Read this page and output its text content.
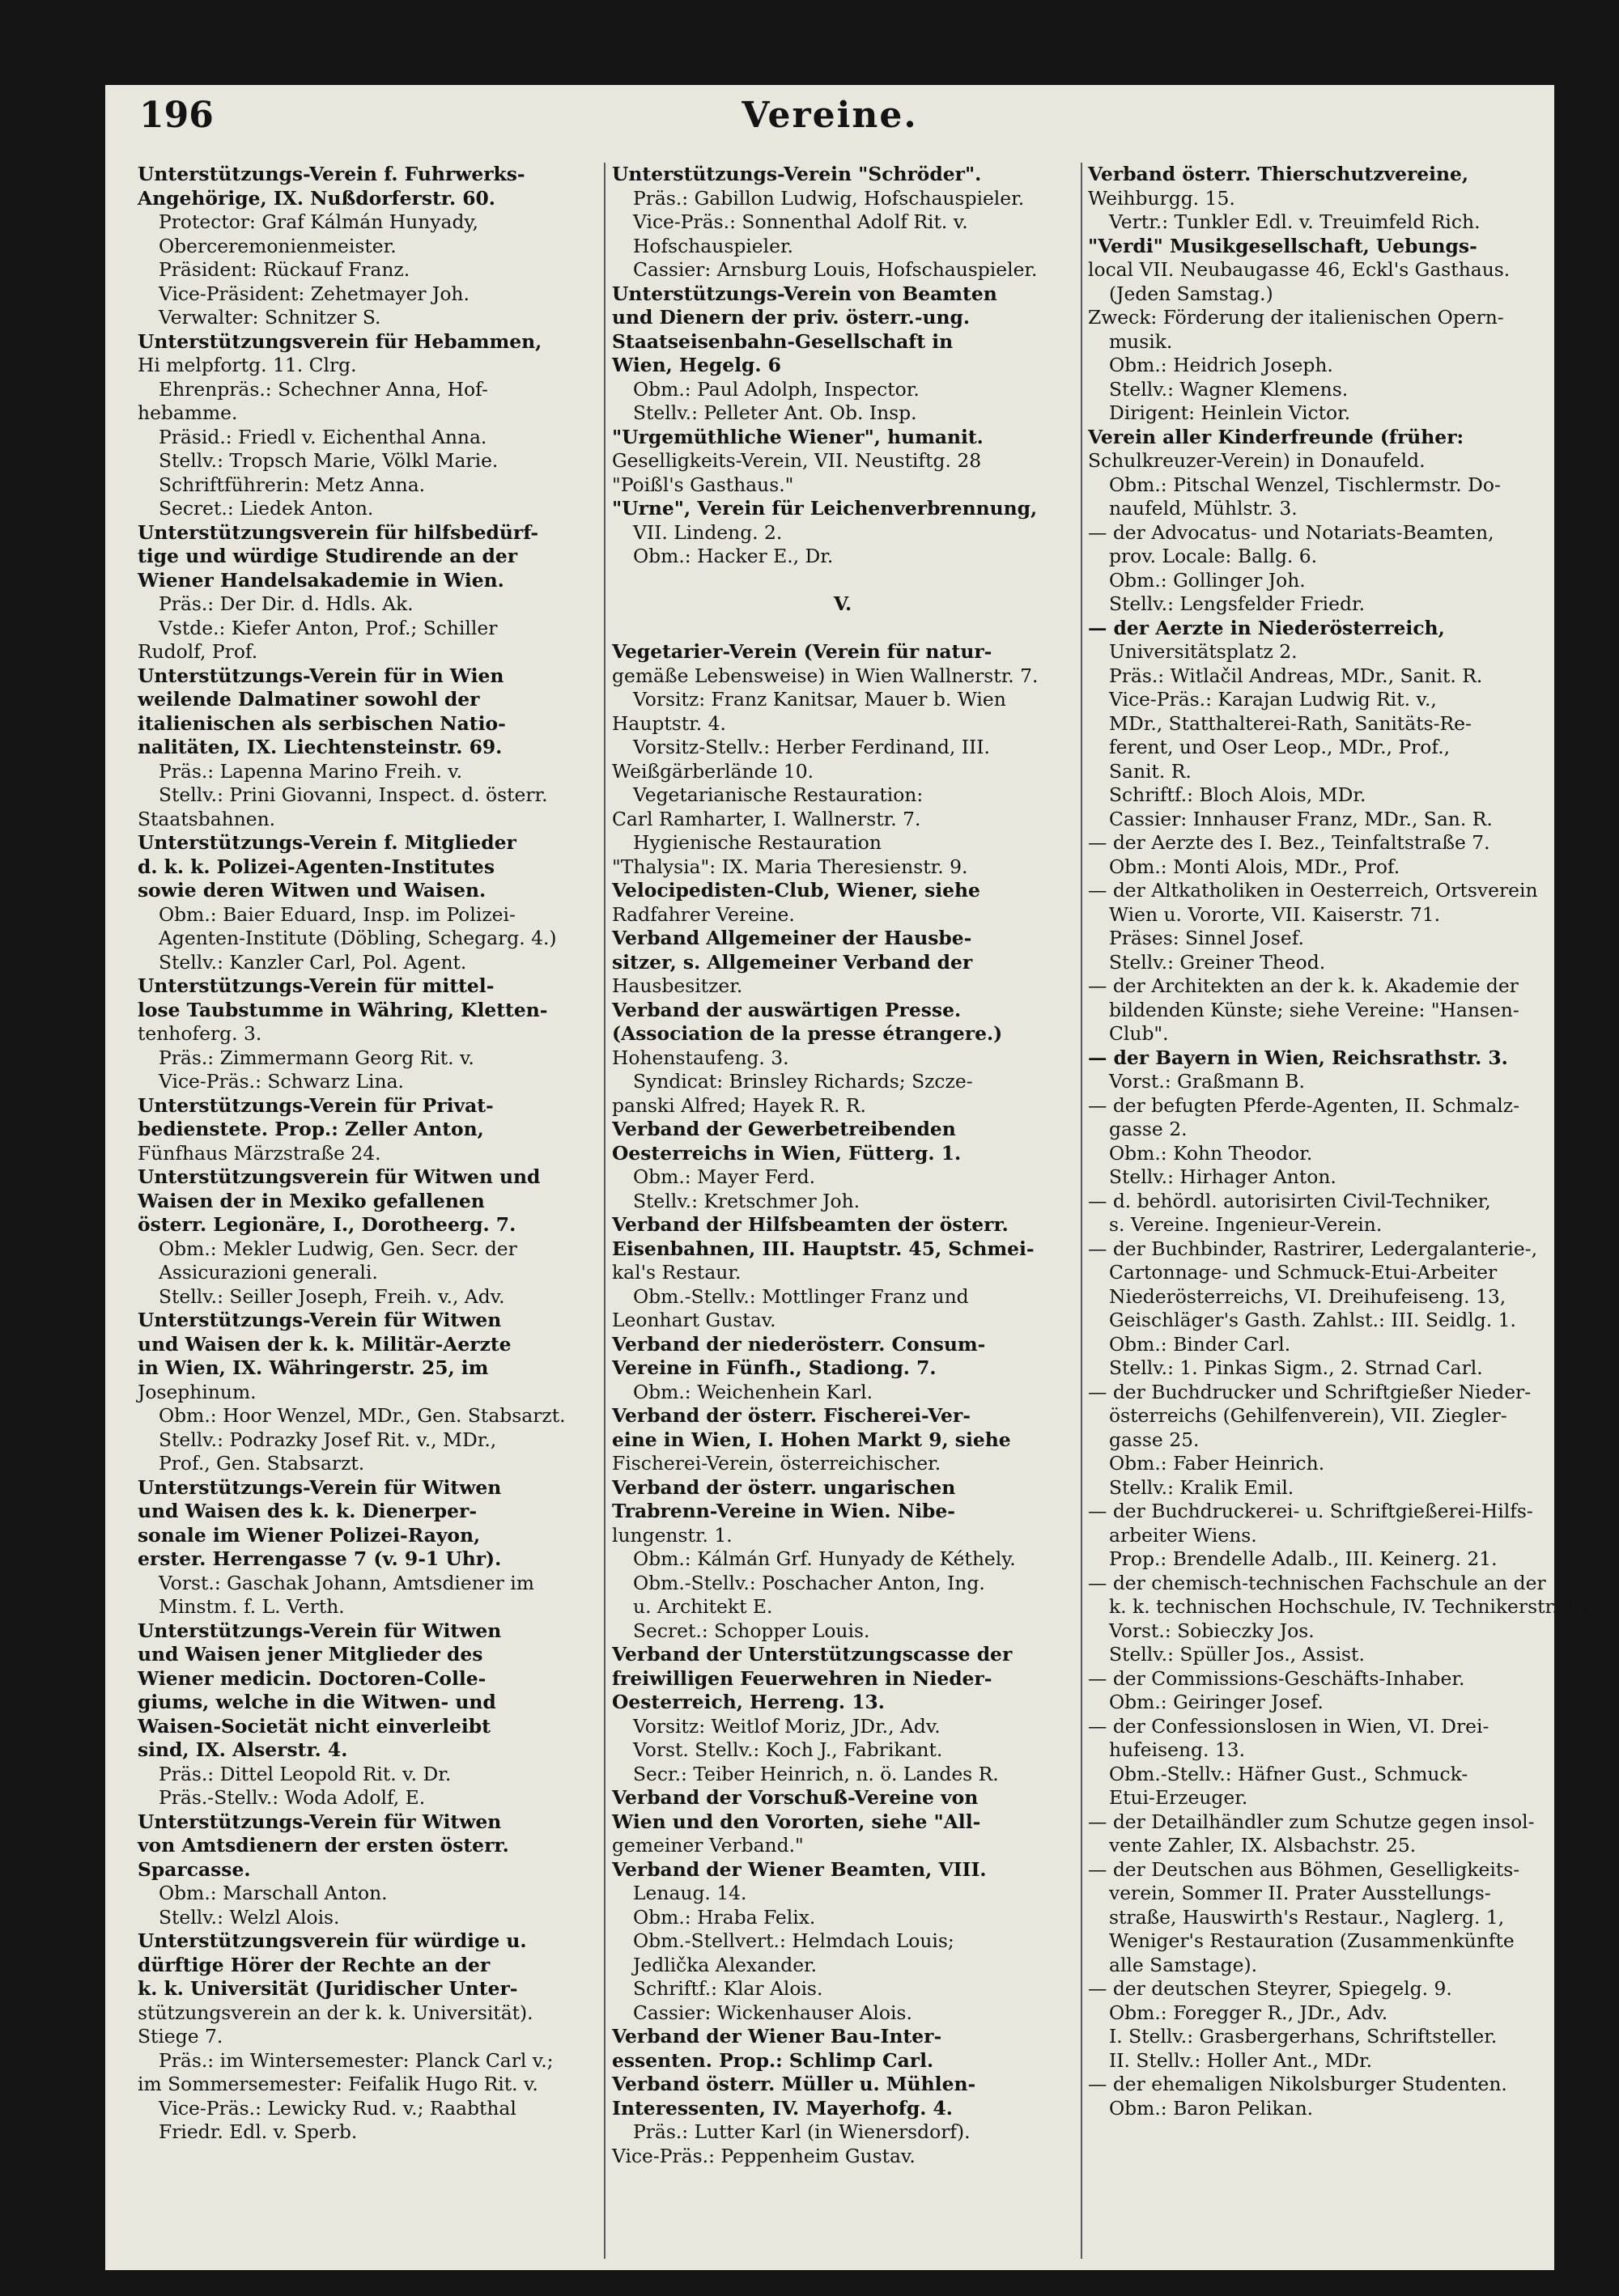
196	Vereine.
Unterstützungs-Verein f. Fuhrwerks-
Angehörige, IX. Nußdorferstr. 60.
Protector: Graf Kálmán Hunyady,
Oberceremonienmeister.
Präsident: Rückauf Franz.
Vice-Präsident: Zehetmayer Joh.
Verwalter: Schnitzer S.
Unterstützungsverein für Hebammen,
Hi melpfortg. 11. Clrg.
Ehrenpräs.: Schechner Anna, Hof-
hebamme.
Präsid.: Friedl v. Eichenthal Anna.
Stellv.: Tropsch Marie, Völkl Marie.
Schriftführerin: Metz Anna.
Secret.: Liedek Anton.
Unterstützungsverein für hilfsbedürf-
tige und würdige Studirende an der
Wiener Handelsakademie in Wien.
Präs.: Der Dir. d. Hdls. Ak.
Vstde.: Kiefer Anton, Prof.; Schiller
Rudolf, Prof.
Unterstützungs-Verein für in Wien
weilende Dalmatiner sowohl der
italienischen als serbischen Natio-
nalitäten, IX. Liechtensteinstr. 69.
Präs.: Lapenna Marino Freih. v.
Stellv.: Prini Giovanni, Inspect. d. österr.
Staatsbahnen.
Unterstützungs-Verein f. Mitglieder
d. k. k. Polizei-Agenten-Institutes
sowie deren Witwen und Waisen.
Obm.: Baier Eduard, Insp. im Polizei-
Agenten-Institute (Döbling, Schegarg. 4.)
Stellv.: Kanzler Carl, Pol. Agent.
Unterstützungs-Verein für mittel-
lose Taubstumme in Währing, Kletten-
tenhoferg. 3.
Präs.: Zimmermann Georg Rit. v.
Vice-Präs.: Schwarz Lina.
Unterstützungs-Verein für Privat-
bedienstete. Prop.: Zeller Anton,
Fünfhaus Märzstraße 24.
Unterstützungsverein für Witwen und
Waisen der in Mexiko gefallenen
österr. Legionäre, I., Dorotheerg. 7.
Obm.: Mekler Ludwig, Gen. Secr. der
Assicurazioni generali.
Stellv.: Seiller Joseph, Freih. v., Adv.
Unterstützungs-Verein für Witwen
und Waisen der k. k. Militär-Aerzte
in Wien, IX. Währingerstr. 25, im
Josephinum.
Obm.: Hoor Wenzel, MDr., Gen. Stabsarzt.
Stellv.: Podrazky Josef Rit. v., MDr.,
Prof., Gen. Stabsarzt.
Unterstützungs-Verein für Witwen
und Waisen des k. k. Dienerper-
sonale im Wiener Polizei-Rayon,
erster. Herrengasse 7 (v. 9-1 Uhr).
Vorst.: Gaschak Johann, Amtsdiener im
Minstm. f. L. Verth.
Unterstützungs-Verein für Witwen
und Waisen jener Mitglieder des
Wiener medicin. Doctoren-Colle-
giums, welche in die Witwen- und
Waisen-Societät nicht einverleibt
sind, IX. Alserstr. 4.
Präs.: Dittel Leopold Rit. v. Dr.
Präs.-Stellv.: Woda Adolf, E.
Unterstützungs-Verein für Witwen
von Amtsdienern der ersten österr.
Sparcasse.
Obm.: Marschall Anton.
Stellv.: Welzl Alois.
Unterstützungsverein für würdige u.
dürftige Hörer der Rechte an der
k. k. Universität (Juridischer Unter-
stützungsverein an der k. k. Universität).
Stiege 7.
Präs.: im Wintersemester: Planck Carl v.;
im Sommersemester: Feifalik Hugo Rit. v.
Vice-Präs.: Lewicky Rud. v.; Raabthal
Friedr. Edl. v. Sperb.
Unterstützungs-Verein "Schröder".
Präs.: Gabillon Ludwig, Hofschauspieler.
Vice-Präs.: Sonnenthal Adolf Rit. v.
Hofschauspieler.
Cassier: Arnsburg Louis, Hofschauspieler.
Unterstützungs-Verein von Beamten
und Dienern der priv. österr.-ung.
Staatseisenbahn-Gesellschaft in
Wien, Hegelg. 6
Obm.: Paul Adolph, Inspector.
Stellv.: Pelleter Ant. Ob. Insp.
"Urgemüthliche Wiener", humanit.
Geselligkeits-Verein, VII. Neustiftg. 28
"Poißl's Gasthaus."
"Urne", Verein für Leichenverbrennung,
VII. Lindeng. 2.
Obm.: Hacker E., Dr.

V.

Vegetarier-Verein (Verein für natur-
gemäße Lebensweise) in Wien Wallnerstr. 7.
Vorsitz: Franz Kanitsar, Mauer b. Wien
Hauptstr. 4.
Vorsitz-Stellv.: Herber Ferdinand, III.
Weißgärberlände 10.
Vegetarianische Restauration:
Carl Ramharter, I. Wallnerstr. 7.
Hygienische Restauration
"Thalysia": IX. Maria Theresienstr. 9.
Velocipedisten-Club, Wiener, siehe
Radfahrer Vereine.
Verband Allgemeiner der Hausbe-
sitzer, s. Allgemeiner Verband der
Hausbesitzer.
Verband der auswärtigen Presse.
(Association de la presse étrangere.)
Hohenstaufeng. 3.
Syndicat: Brinsley Richards; Szcze-
panski Alfred; Hayek R. R.
Verband der Gewerbetreibenden
Oesterreichs in Wien, Fütterg. 1.
Obm.: Mayer Ferd.
Stellv.: Kretschmer Joh.
Verband der Hilfsbeamten der österr.
Eisenbahnen, III. Hauptstr. 45, Schmei-
kal's Restaur.
Obm.-Stellv.: Mottlinger Franz und
Leonhart Gustav.
Verband der niederösterr. Consum-
Vereine in Fünfh., Stadiong. 7.
Obm.: Weichenhein Karl.
Verband der österr. Fischerei-Ver-
eine in Wien, I. Hohen Markt 9, siehe
Fischerei-Verein, österreichischer.
Verband der österr. ungarischen
Trabrenn-Vereine in Wien. Nibe-
lungenstr. 1.
Obm.: Kálmán Grf. Hunyady de Kéthely.
Obm.-Stellv.: Poschacher Anton, Ing.
u. Architekt E.
Secret.: Schopper Louis.
Verband der Unterstützungscasse der
freiwilligen Feuerwehren in Nieder-
Oesterreich, Herreng. 13.
Vorsitz: Weitlof Moriz, JDr., Adv.
Vorst. Stellv.: Koch J., Fabrikant.
Secr.: Teiber Heinrich, n. ö. Landes R.
Verband der Vorschuß-Vereine von
Wien und den Vororten, siehe "All-
gemeiner Verband."
Verband der Wiener Beamten, VIII.
Lenaug. 14.
Obm.: Hraba Felix.
Obm.-Stellvert.: Helmdach Louis;
Jedlička Alexander.
Schriftf.: Klar Alois.
Cassier: Wickenhauser Alois.
Verband der Wiener Bau-Inter-
essenten. Prop.: Schlimp Carl.
Verband österr. Müller u. Mühlen-
Interessenten, IV. Mayerhofg. 4.
Präs.: Lutter Karl (in Wienersdorf).
Vice-Präs.: Peppenheim Gustav.
Verband österr. Thierschutzvereine,
Weihburgg. 15.
Vertr.: Tunkler Edl. v. Treuimfeld Rich.
"Verdi" Musikgesellschaft, Uebungs-
local VII. Neubaugasse 46, Eckl's Gasthaus.
(Jeden Samstag.)
Zweck: Förderung der italienischen Opern-
musik.
Obm.: Heidrich Joseph.
Stellv.: Wagner Klemens.
Dirigent: Heinlein Victor.
Verein aller Kinderfreunde (früher:
Schulkreuzer-Verein) in Donaufeld.
Obm.: Pitschal Wenzel, Tischlermstr. Do-
naufeld, Mühlstr. 3.
— der Advocatus- und Notariats-Beamten,
prov. Locale: Ballg. 6.
Obm.: Gollinger Joh.
Stellv.: Lengsfelder Friedr.
— der Aerzte in Niederösterreich,
Universitätsplatz 2.
Präs.: Witlačil Andreas, MDr., Sanit. R.
Vice-Präs.: Karajan Ludwig Rit. v.,
MDr., Statthalterei-Rath, Sanitäts-Re-
ferent, und Oser Leop., MDr., Prof.,
Sanit. R.
Schriftf.: Bloch Alois, MDr.
Cassier: Innhauser Franz, MDr., San. R.
— der Aerzte des I. Bez., Teinfaltstraße 7.
Obm.: Monti Alois, MDr., Prof.
— der Altkatholiken in Oesterreich, Ortsverein
Wien u. Vororte, VII. Kaiserstr. 71.
Präses: Sinnel Josef.
Stellv.: Greiner Theod.
— der Architekten an der k. k. Akademie der
bildenden Künste; siehe Vereine: "Hansen-
Club".
— der Bayern in Wien, Reichsrathstr. 3.
Vorst.: Graßmann B.
— der befugten Pferde-Agenten, II. Schmalz-
gasse 2.
Obm.: Kohn Theodor.
Stellv.: Hirhager Anton.
— d. behördl. autorisirten Civil-Techniker,
s. Vereine. Ingenieur-Verein.
— der Buchbinder, Rastrirer, Ledergalanterie-,
Cartonnage- und Schmuck-Etui-Arbeiter
Niederösterreichs, VI. Dreihufeiseng. 13,
Geischläger's Gasth. Zahlst.: III. Seidlg. 1.
Obm.: Binder Carl.
Stellv.: 1. Pinkas Sigm., 2. Strnad Carl.
— der Buchdrucker und Schriftgießer Nieder-
österreichs (Gehilfenverein), VII. Ziegler-
gasse 25.
Obm.: Faber Heinrich.
Stellv.: Kralik Emil.
— der Buchdruckerei- u. Schriftgießerei-Hilfs-
arbeiter Wiens.
Prop.: Brendelle Adalb., III. Keinerg. 21.
— der chemisch-technischen Fachschule an der
k. k. technischen Hochschule, IV. Technikerstr. 13.
Vorst.: Sobieczky Jos.
Stellv.: Spüller Jos., Assist.
— der Commissions-Geschäfts-Inhaber.
Obm.: Geiringer Josef.
— der Confessionslosen in Wien, VI. Drei-
hufeiseng. 13.
Obm.-Stellv.: Häfner Gust., Schmuck-
Etui-Erzeuger.
— der Detailhändler zum Schutze gegen insol-
vente Zahler, IX. Alsbachstr. 25.
— der Deutschen aus Böhmen, Geselligkeits-
verein, Sommer II. Prater Ausstellungs-
straße, Hauswirth's Restaur., Naglerg. 1,
Weniger's Restauration (Zusammenkünfte
alle Samstage).
— der deutschen Steyrer, Spiegelg. 9.
Obm.: Foregger R., JDr., Adv.
I. Stellv.: Grasbergerhans, Schriftsteller.
II. Stellv.: Holler Ant., MDr.
— der ehemaligen Nikolsburger Studenten.
Obm.: Baron Pelikan.
